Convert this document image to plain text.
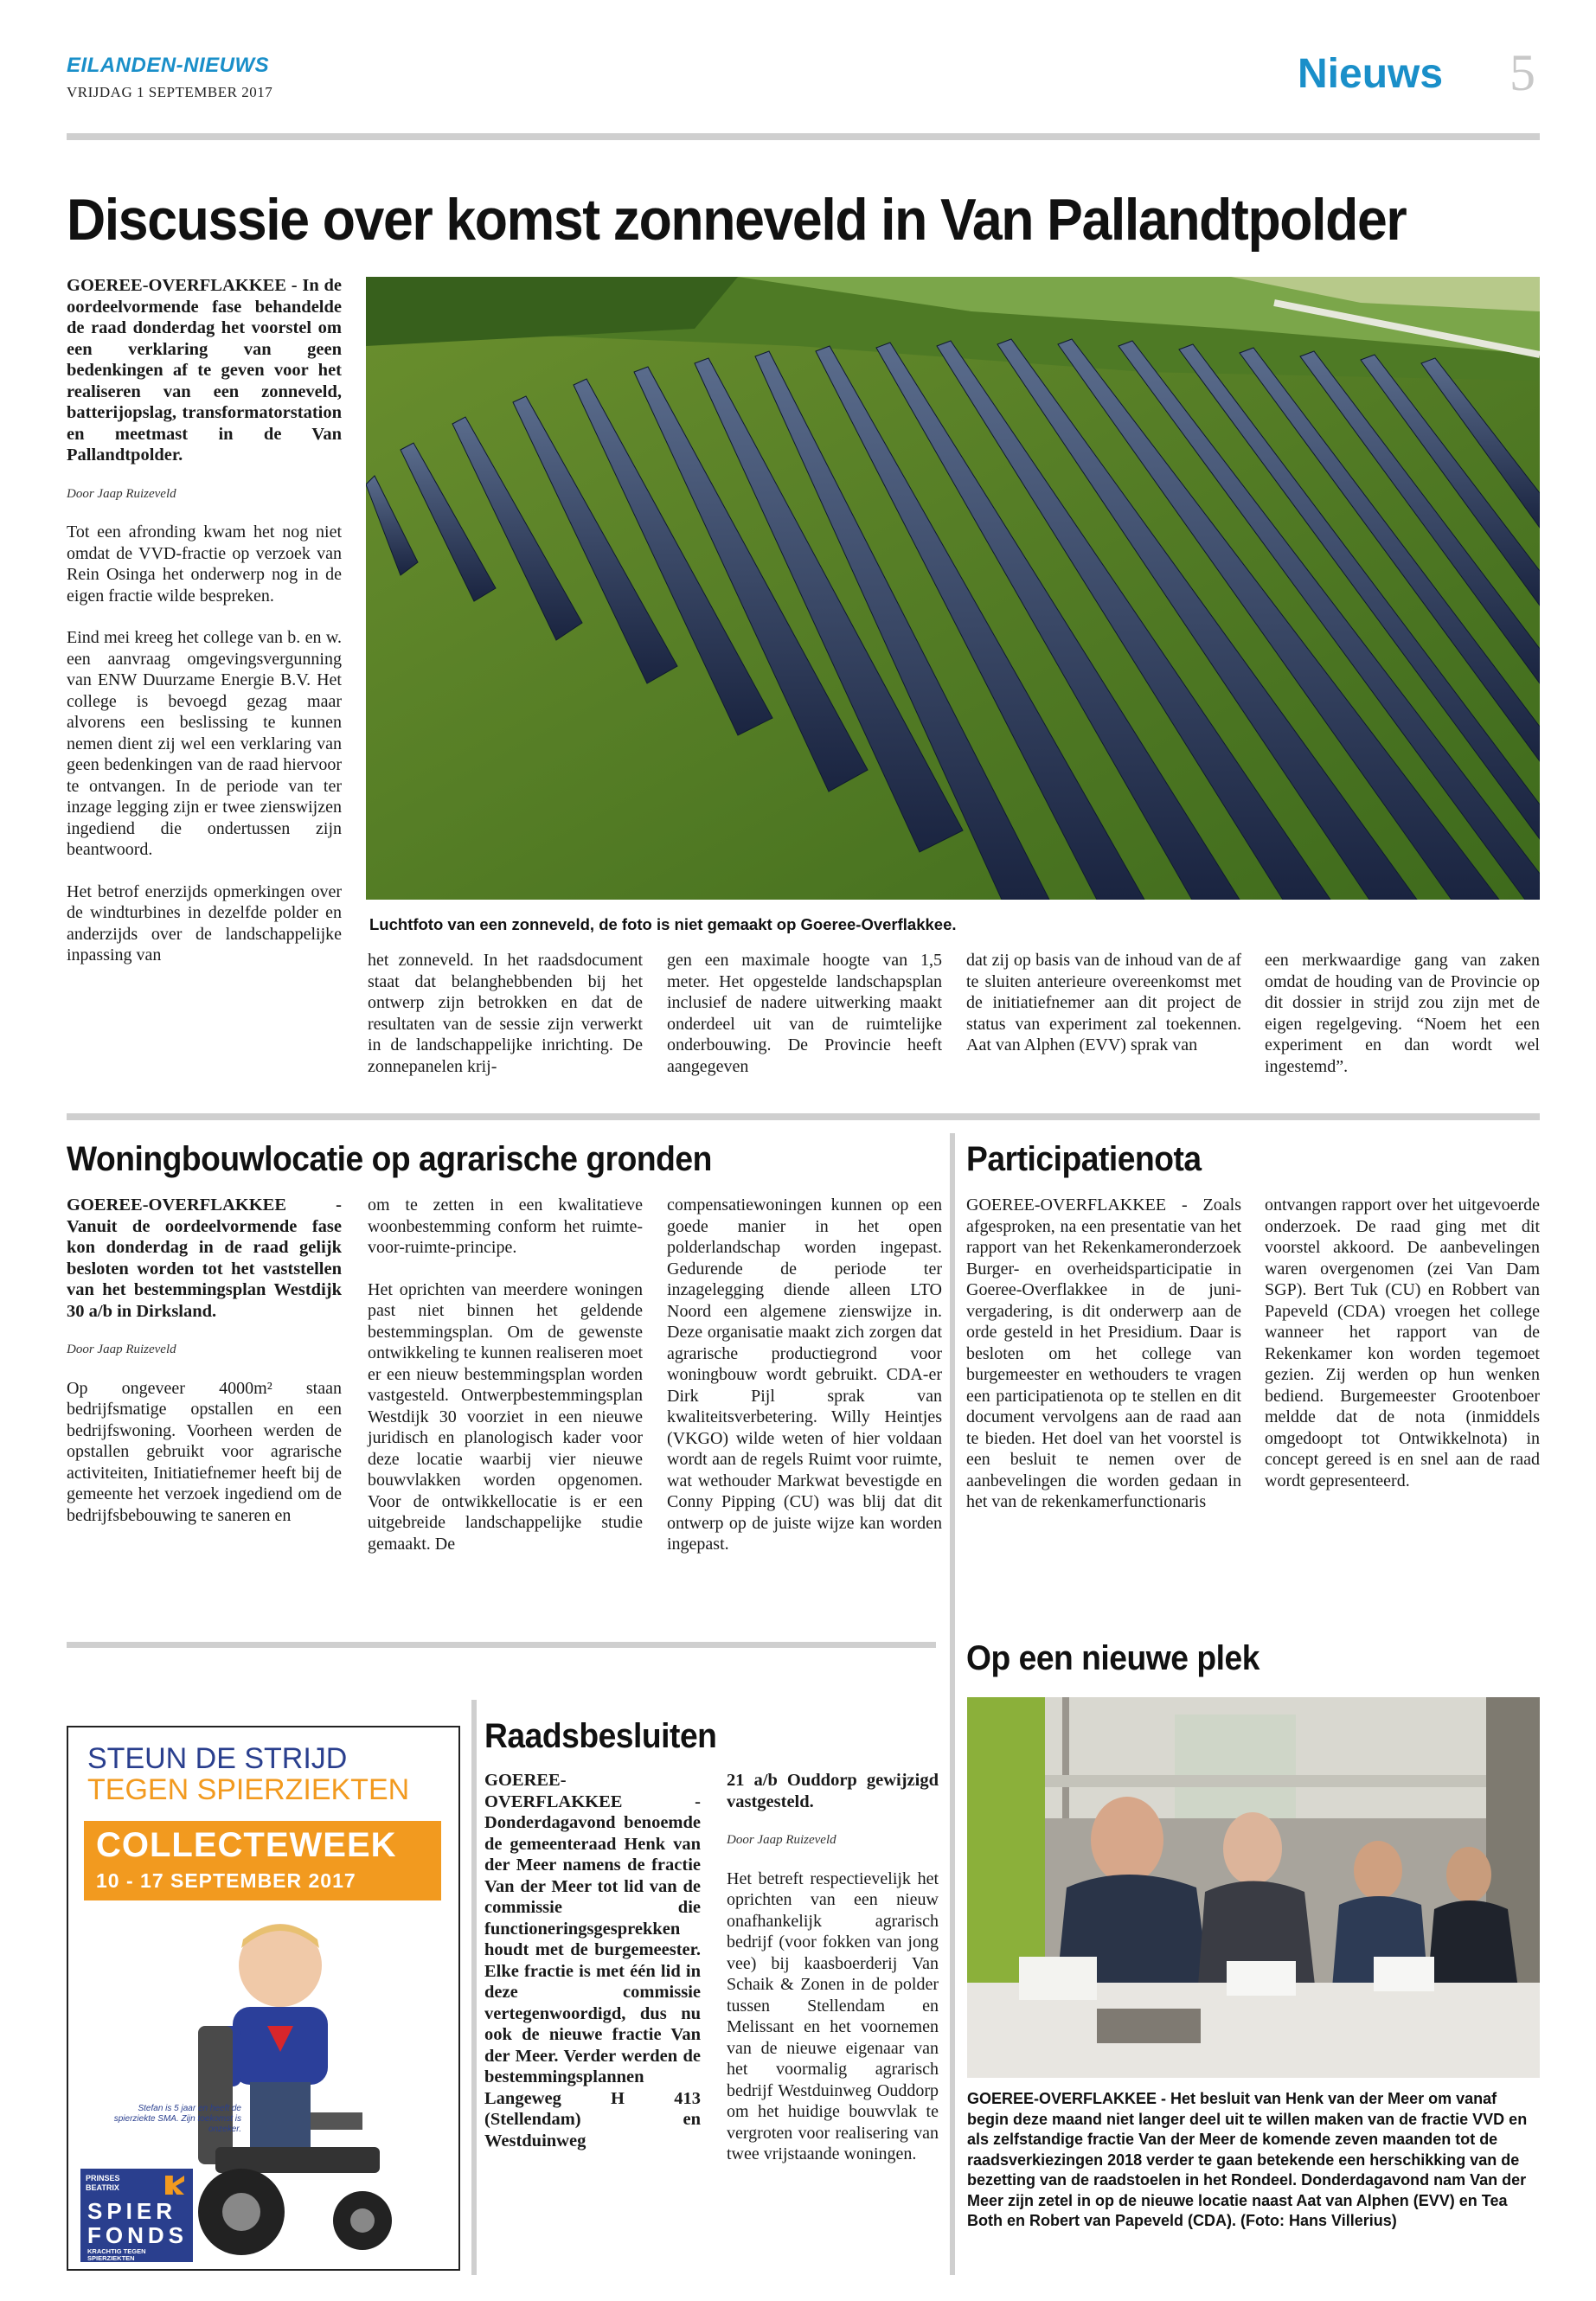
EILANDEN-NIEUWS
VRIJDAG 1 SEPTEMBER 2017	Nieuws 5
Discussie over komst zonneveld in Van Pallandtpolder
GOEREE-OVERFLAKKEE - In de oordeelvormende fase behandelde de raad donderdag het voorstel om een verklaring van geen bedenkingen af te geven voor het realiseren van een zonneveld, batterijopslag, transformatorstation en meetmast in de Van Pallandtpolder.
Door Jaap Ruizeveld

Tot een afronding kwam het nog niet omdat de VVD-fractie op verzoek van Rein Osinga het onderwerp nog in de eigen fractie wilde bespreken.

Eind mei kreeg het college van b. en w. een aanvraag omgevingsvergunning van ENW Duurzame Energie B.V. Het college is bevoegd gezag maar alvorens een beslissing te kunnen nemen dient zij wel een verklaring van geen bedenkingen van de raad hiervoor te ontvangen. In de periode van ter inzage legging zijn er twee zienswijzen ingediend die ondertussen zijn beantwoord.

Het betrof enerzijds opmerkingen over de windturbines in dezelfde polder en anderzijds over de landschappelijke inpassing van

Luchtfoto van een zonneveld, de foto is niet gemaakt op Goeree-Overflakkee.
het zonneveld. In het raadsdocument staat dat belanghebbenden bij het ontwerp zijn betrokken en dat de resultaten van de sessie zijn verwerkt in de landschappelijke inrichting. De zonnepanelen krij-
gen een maximale hoogte van 1,5 meter. Het opgestelde landschapsplan inclusief de nadere uitwerking maakt onderdeel uit van de ruimtelijke onderbouwing. De Provincie heeft aangegeven
dat zij op basis van de inhoud van de af te sluiten anterieure overeenkomst met de initiatiefnemer aan dit project de status van experiment zal toekennen. Aat van Alphen (EVV) sprak van
een merkwaardige gang van zaken omdat de houding van de Provincie op dit dossier in strijd zou zijn met de eigen regelgeving. “Noem het een experiment en dan wordt wel ingestemd”.
Woningbouwlocatie op agrarische gronden
GOEREE-OVERFLAKKEE - Vanuit de oordeelvormende fase kon donderdag in de raad gelijk besloten worden tot het vaststellen van het bestemmingsplan Westdijk 30 a/b in Dirksland.
Door Jaap Ruizeveld

Op ongeveer 4000m² staan bedrijfsmatige opstallen en een bedrijfswoning. Voorheen werden de opstallen gebruikt voor agrarische activiteiten, Initiatiefnemer heeft bij de gemeente het verzoek ingediend om de bedrijfsbebouwing te saneren en

om te zetten in een kwalitatieve woonbestemming conform het ruimte-voor-ruimte-principe.

Het oprichten van meerdere woningen past niet binnen het geldende bestemmingsplan. Om de gewenste ontwikkeling te kunnen realiseren moet er een nieuw bestemmingsplan worden vastgesteld. Ontwerpbestemmingsplan Westdijk 30 voorziet in een nieuwe juridisch en planologisch kader voor deze locatie waarbij vier nieuwe bouwvlakken worden opgenomen. Voor de ontwikkellocatie is er een uitgebreide landschappelijke studie gemaakt. De

compensatiewoningen kunnen op een goede manier in het open polderlandschap worden ingepast. Gedurende de periode ter inzagelegging diende alleen LTO Noord een algemene zienswijze in. Deze organisatie maakt zich zorgen dat agrarische productiegrond voor woningbouw wordt gebruikt. CDA-er Dirk Pijl sprak van kwaliteitsverbetering. Willy Heintjes (VKGO) wilde weten of hier voldaan wordt aan de regels Ruimt voor ruimte, wat wethouder Markwat bevestigde en Conny Pipping (CU) was blij dat dit ontwerp op de juiste wijze kan worden ingepast.
Participatienota
GOEREE-OVERFLAKKEE - Zoals afgesproken, na een presentatie van het rapport van het Rekenkameronderzoek Burger- en overheidsparticipatie in Goeree-Overflakkee in de juni-vergadering, is dit onderwerp aan de orde gesteld in het Presidium. Daar is besloten om het college van burgemeester en wethouders te vragen een participatienota op te stellen en dit document vervolgens aan de raad aan te bieden. Het doel van het voorstel is een besluit te nemen over de aanbevelingen die worden gedaan in het van de rekenkamerfunctionaris
ontvangen rapport over het uitgevoerde onderzoek. De raad ging met dit voorstel akkoord. De aanbevelingen waren overgenomen (zei Van Dam SGP). Bert Tuk (CU) en Robbert van Papeveld (CDA) vroegen het college wanneer het rapport van de Rekenkamer kon worden tegemoet gezien. Zij werden op hun wenken bediend. Burgemeester Grootenboer meldde dat de nota (inmiddels omgedoopt tot Ontwikkelnota) in concept gereed is en snel aan de raad wordt gepresenteerd.
Op een nieuwe plek
GOEREE-OVERFLAKKEE - Het besluit van Henk van der Meer om vanaf begin deze maand niet langer deel uit te willen maken van de fractie VVD en als zelfstandige fractie Van der Meer de komende zeven maanden tot de raadsverkiezingen 2018 verder te gaan betekende een herschikking van de bezetting van de raadstoelen in het Rondeel. Donderdagavond nam Van der Meer zijn zetel in op de nieuwe locatie naast Aat van Alphen (EVV) en Tea Both en Robert van Papeveld (CDA). (Foto: Hans Villerius)
STEUN DE STRIJD
TEGEN SPIERZIEKTEN
COLLECTEWEEK
10 - 17 SEPTEMBER 2017
Stefan is 5 jaar en heeft de spierziekte SMA. Zijn toekomst is onzeker.
PRINSES BEATRIX
SPIER
FONDS
KRACHTIG TEGEN SPIERZIEKTEN
Raadsbesluiten
GOEREE-OVERFLAKKEE - Donderdagavond benoemde de gemeenteraad Henk van der Meer namens de fractie Van der Meer tot lid van de commissie die functioneringsgesprekken houdt met de burgemeester. Elke fractie is met één lid in deze commissie vertegenwoordigd, dus nu ook de nieuwe fractie Van der Meer. Verder werden de bestemmingsplannen Langeweg H 413 (Stellendam) en Westduinweg
21 a/b Ouddorp gewijzigd vastgesteld.
Door Jaap Ruizeveld

Het betreft respectievelijk het oprichten van een nieuw onafhankelijk agrarisch bedrijf (voor fokken van jong vee) bij kaasboerderij Van Schaik & Zonen in de polder tussen Stellendam en Melissant en het voornemen van de nieuwe eigenaar van het voormalig agrarisch bedrijf Westduinweg Ouddorp om het huidige bouwvlak te vergroten voor realisering van twee vrijstaande woningen.
